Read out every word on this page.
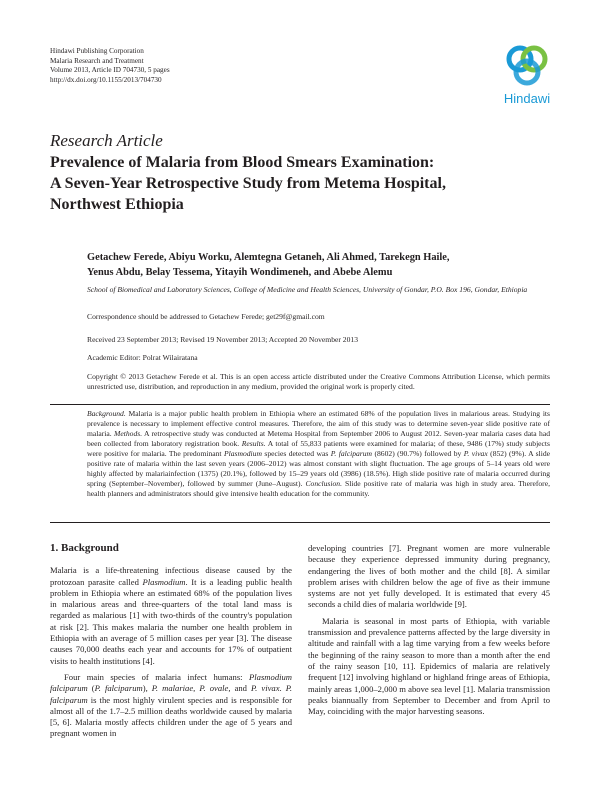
Hindawi Publishing Corporation
Malaria Research and Treatment
Volume 2013, Article ID 704730, 5 pages
http://dx.doi.org/10.1155/2013/704730
Hindawi
Research Article
Prevalence of Malaria from Blood Smears Examination:
A Seven-Year Retrospective Study from Metema Hospital,
Northwest Ethiopia
Getachew Ferede, Abiyu Worku, Alemtegna Getaneh, Ali Ahmed, Tarekegn Haile,
Yenus Abdu, Belay Tessema, Yitayih Wondimeneh, and Abebe Alemu
School of Biomedical and Laboratory Sciences, College of Medicine and Health Sciences, University of Gondar, P.O. Box 196, Gondar, Ethiopia
Correspondence should be addressed to Getachew Ferede; get29f@gmail.com
Received 23 September 2013; Revised 19 November 2013; Accepted 20 November 2013
Academic Editor: Polrat Wilairatana
Copyright © 2013 Getachew Ferede et al. This is an open access article distributed under the Creative Commons Attribution License, which permits unrestricted use, distribution, and reproduction in any medium, provided the original work is properly cited.
Background. Malaria is a major public health problem in Ethiopia where an estimated 68% of the population lives in malarious areas. Studying its prevalence is necessary to implement effective control measures. Therefore, the aim of this study was to determine seven-year slide positive rate of malaria. Methods. A retrospective study was conducted at Metema Hospital from September 2006 to August 2012. Seven-year malaria cases data had been collected from laboratory registration book. Results. A total of 55,833 patients were examined for malaria; of these, 9486 (17%) study subjects were positive for malaria. The predominant Plasmodium species detected was P. falciparum (8602) (90.7%) followed by P. vivax (852) (9%). A slide positive rate of malaria within the last seven years (2006–2012) was almost constant with slight fluctuation. The age groups of 5–14 years old were highly affected by malariainfection (1375) (20.1%), followed by 15–29 years old (3986) (18.5%). High slide positive rate of malaria occurred during spring (September–November), followed by summer (June–August). Conclusion. Slide positive rate of malaria was high in study area. Therefore, health planners and administrators should give intensive health education for the community.
1. Background

Malaria is a life-threatening infectious disease caused by the protozoan parasite called Plasmodium. It is a leading public health problem in Ethiopia where an estimated 68% of the population lives in malarious areas and three-quarters of the total land mass is regarded as malarious [1] with two-thirds of the country's population at risk [2]. This makes malaria the number one health problem in Ethiopia with an average of 5 million cases per year [3]. The disease causes 70,000 deaths each year and accounts for 17% of outpatient visits to health institutions [4].

Four main species of malaria infect humans: Plasmodium falciparum (P. falciparum), P. malariae, P. ovale, and P. vivax. P. falciparum is the most highly virulent species and is responsible for almost all of the 1.7–2.5 million deaths worldwide caused by malaria [5, 6]. Malaria mostly affects children under the age of 5 years and pregnant women in

developing countries [7]. Pregnant women are more vulnerable because they experience depressed immunity during pregnancy, endangering the lives of both mother and the child [8]. A similar problem arises with children below the age of five as their immune systems are not yet fully developed. It is estimated that every 45 seconds a child dies of malaria worldwide [9].

Malaria is seasonal in most parts of Ethiopia, with variable transmission and prevalence patterns affected by the large diversity in altitude and rainfall with a lag time varying from a few weeks before the beginning of the rainy season to more than a month after the end of the rainy season [10, 11]. Epidemics of malaria are relatively frequent [12] involving highland or highland fringe areas of Ethiopia, mainly areas 1,000–2,000 m above sea level [1]. Malaria transmission peaks biannually from September to December and from April to May, coinciding with the major harvesting seasons.
